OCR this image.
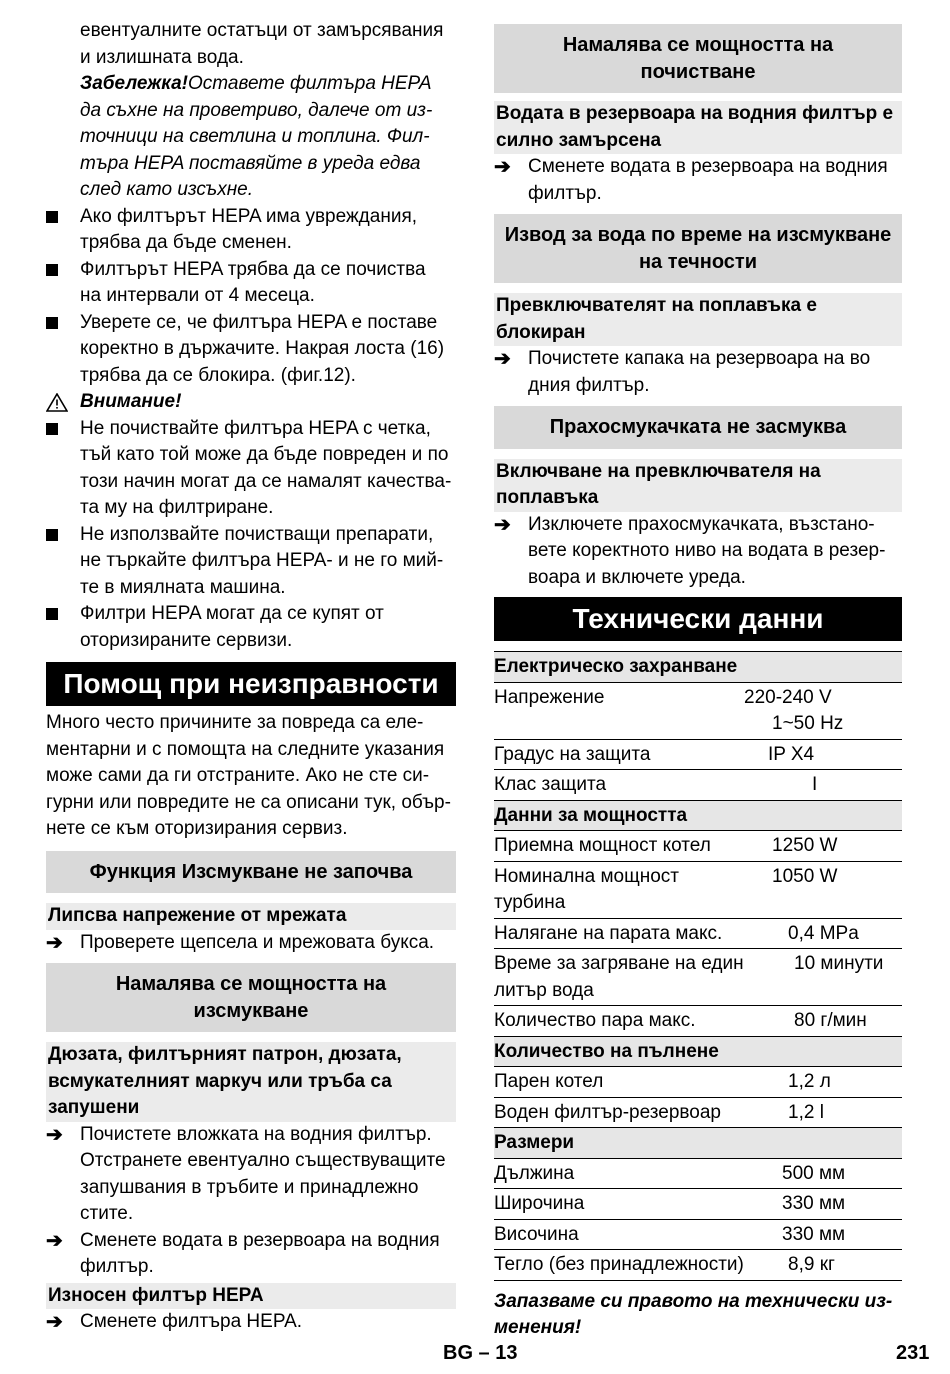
евентуалните остатъци от замърсявания

и излишната вода.

Забележка!Оставете филтъра HEPA

да съхне на проветриво, далече от из-

точници на светлина и топлина. Фил-

търа HEPA поставяйте в уреда едва

след като изсъхне.

Ако филтърът HEPA има увреждания,

трябва да бъде сменен.

Филтърът HEPA трябва да се почиства

на интервали от 4 месеца.

Уверете се, че филтъра HEPA е поставе

коректно в държачите. Накрая лоста (16)

трябва да се блокира. (фиг.12).

Внимание!

Не почиствайте филтъра HEPA с четка,

тъй като той може да бъде повреден и по

този начин могат да се намалят качества-

та му на филтриране.

Не използвайте почистващи препарати,

не търкайте филтъра HEPA- и не го мий-

те в миялната машина.

Филтри HEPA могат да се купят от оторизираните сервизи.

Помощ при неизправности

Много често причините за повреда са еле-

ментарни и с помощта на следните указания

може сами да ги отстраните. Ако не сте си-

гурни или повредите не са описани тук, обър-

нете се към оторизирания сервиз.

Функция Изсмукване не започва
Липсва напрежение от мрежата
➔ Проверете щепсела и мрежовата букса.

Намалява се мощността на
изсмукване
Дюзата, филтърният патрон, дюзата,
всмукателният маркуч или тръба са
запушени
➔ Почистете вложката на водния филтър.

Отстранете евентуално съществуващите

запушвания в тръбите и принадлежно

стите.

➔ Сменете водата в резервоара на водния

филтър.

Износен филтър HEPA
➔ Сменете филтъра HEPA.

Намалява се мощността на
почистване
Водата в резервоара на водния филтър е
силно замърсена
➔ Сменете водата в резервоара на водния

филтър.

Извод за вода по време на изсмукване
на течности
Превключвателят на поплавъка е
блокиран
➔ Почистете капака на резервоара на во

дния филтър.

Прахосмукачката не засмуква
Включване на превключвателя на
поплавъка
➔ Изключете прахосмукачката, възстано-

вете коректното ниво на водата в резер-

воара и включете уреда.

Технически данни
Електрическо захранване	
Напрежение	220-240 V
1~50 Hz

Градус на защита	IP X4

Клас защита	I

Данни за мощността	
Приемна мощност котел	1250 W

Номинална мощност турбина	1050 W

Налягане на парата макс.	0,4 MPa

Време за загряване на един литър вода	10 минути

Количество пара макс.	80 г/мин

Количество на пълнене	
Парен котел	1,2 л

Воден филтър-резервоар	1,2 l

Размери	
Дължина	500 мм

Широчина	330 мм

Височина	330 мм

Тегло (без принадлежности)	8,9 кг

Запазваме си правото на технически из-

менения!

BG – 13	231
